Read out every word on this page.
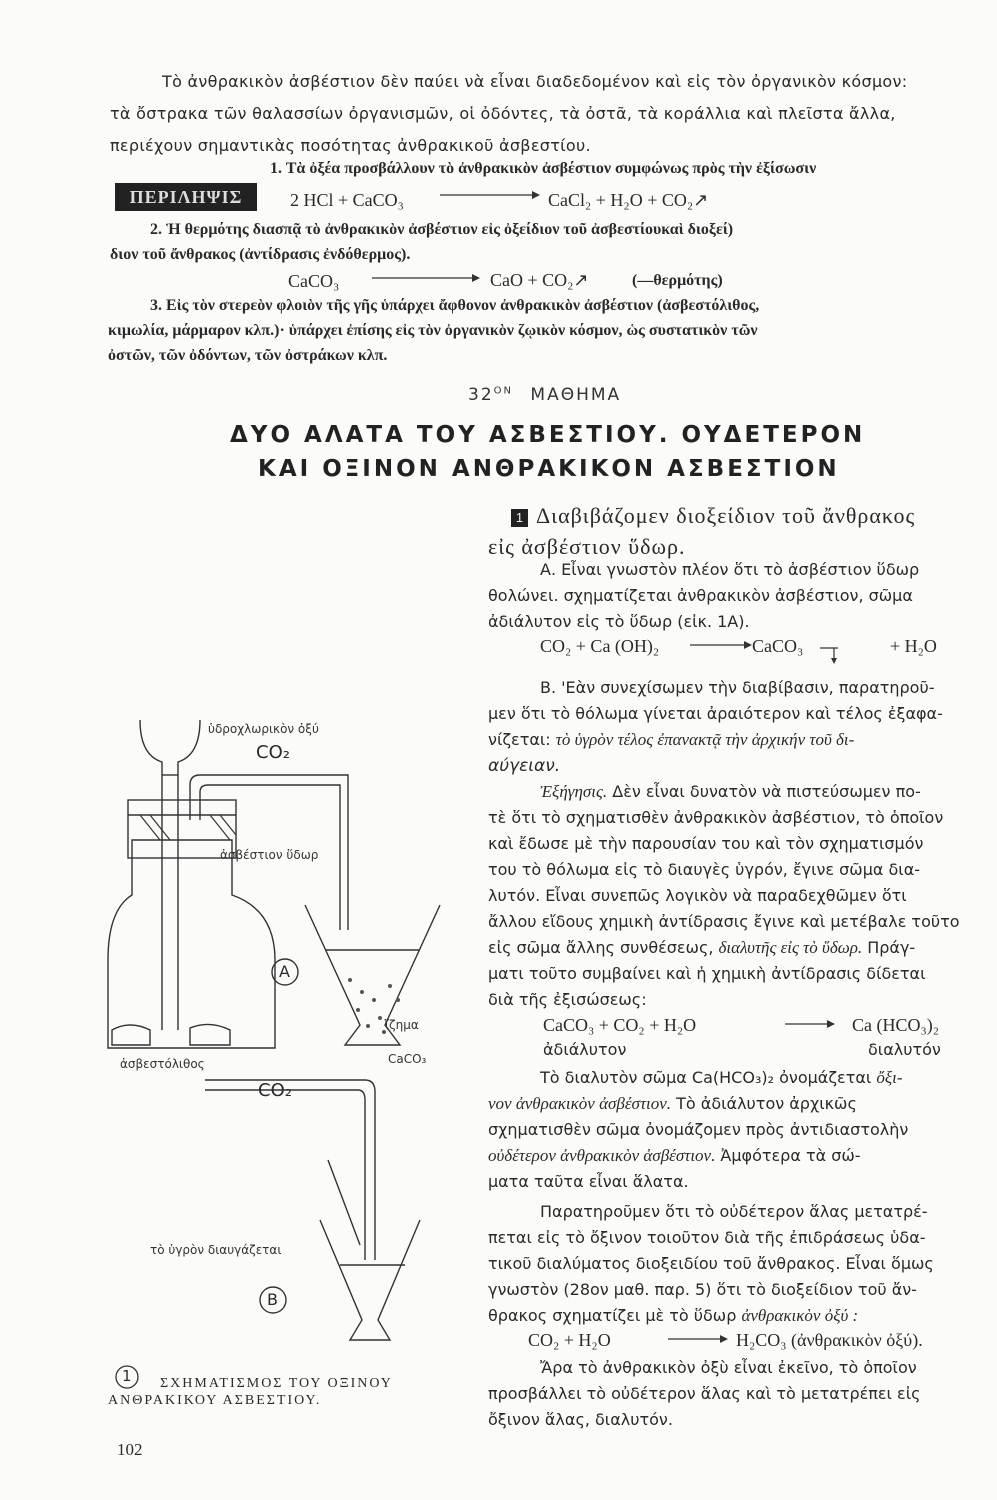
Τὸ ἀνθρακικὸν ἀσβέστιον δὲν παύει νὰ εἶναι διαδεδομένον καὶ εἰς τὸν ὀργανικὸν κόσμον:
τὰ ὄστρακα τῶν θαλασσίων ὀργανισμῶν, οἱ ὀδόντες, τὰ ὀστᾶ, τὰ κοράλλια καὶ πλεῖστα ἄλλα,
περιέχουν σημαντικὰς ποσότητας ἀνθρακικοῦ ἀσβεστίου.
ΠΕΡΙΛΗΨΙΣ
1. Τὰ ὀξέα προσβάλλουν τὸ ἀνθρακικὸν ἀσβέστιον συμφώνως πρὸς τὴν ἐξίσωσιν
2 HCl + CaCO₃	CaCl₂ + H₂O + CO₂↗
2. Ἡ θερμότης διασπᾷ τὸ ἀνθρακικὸν ἀσβέστιον εἰς ὀξείδιον τοῦ ἀσβεστίουκαὶ διοξεί)
διον τοῦ ἄνθρακος (ἀντίδρασις ἐνδόθερμος).
CaCO₃	CaO + CO₂↗	(—θερμότης)
3. Εἰς τὸν στερεὸν φλοιὸν τῆς γῆς ὑπάρχει ἄφθονον ἀνθρακικὸν ἀσβέστιον (ἀσβεστόλιθος,
κιμωλία, μάρμαρον κλπ.)· ὑπάρχει ἐπίσης εἰς τὸν ὀργανικὸν ζῳικὸν κόσμον, ὡς συστατικὸν τῶν
ὀστῶν, τῶν ὀδόντων, τῶν ὀστράκων κλπ.
$32^{ON}$ ΜΑΘΗΜΑ
ΔΥΟ ΑΛΑΤΑ ΤΟΥ ΑΣΒΕΣΤΙΟΥ. ΟΥΔΕΤΕΡΟΝ
ΚΑΙ ΟΞΙΝΟΝ ΑΝΘΡΑΚΙΚΟΝ ΑΣΒΕΣΤΙΟΝ
1 Διαβιβάζομεν διοξείδιον τοῦ ἄνθρακος
εἰς ἀσβέστιον ὕδωρ.
Α. Εἶναι γνωστὸν πλέον ὅτι τὸ ἀσβέστιον ὕδωρ
θολώνει. σχηματίζεται ἀνθρακικὸν ἀσβέστιον, σῶμα
ἀδιάλυτον εἰς τὸ ὕδωρ (εἰκ. 1Α).
CO₂ + Ca (OH)₂	CaCO₃	+ H₂O
Β. 'Εὰν συνεχίσωμεν τὴν διαβίβασιν, παρατηροῦ-
μεν ὅτι τὸ θόλωμα γίνεται ἀραιότερον καὶ τέλος ἐξαφα-
νίζεται: τὸ ὑγρὸν τέλος ἐπανακτᾷ τὴν ἀρχικήν τοῦ δι-
αύγειαν.
Ἐξήγησις. Δὲν εἶναι δυνατὸν νὰ πιστεύσωμεν πο-
τὲ ὅτι τὸ σχηματισθὲν ἀνθρακικὸν ἀσβέστιον, τὸ ὁποῖον
καὶ ἔδωσε μὲ τὴν παρουσίαν του καὶ τὸν σχηματισμόν
του τὸ θόλωμα εἰς τὸ διαυγὲς ὑγρόν, ἔγινε σῶμα δια-
λυτόν. Εἶναι συνεπῶς λογικὸν νὰ παραδεχθῶμεν ὅτι
ἄλλου εἴδους χημικὴ ἀντίδρασις ἔγινε καὶ μετέβαλε τοῦτο
εἰς σῶμα ἄλλης συνθέσεως, διαλυτῆς εἰς τὸ ὕδωρ. Πράγ-
ματι τοῦτο συμβαίνει καὶ ἡ χημικὴ ἀντίδρασις δίδεται
διὰ τῆς ἐξισώσεως:
CaCO₃ + CO₂ + H₂O	Ca (HCO₃)₂
ἀδιάλυτον	διαλυτόν
Τὸ διαλυτὸν σῶμα Ca(HCO₃)₂ ὀνομάζεται ὄξι-
νον ἀνθρακικὸν ἀσβέστιον. Τὸ ἀδιάλυτον ἀρχικῶς
σχηματισθὲν σῶμα ὀνομάζομεν πρὸς ἀντιδιαστολὴν
οὐδέτερον ἀνθρακικὸν ἀσβέστιον. Ἀμφότερα τὰ σώ-
ματα ταῦτα εἶναι ἅλατα.
Παρατηροῦμεν ὅτι τὸ οὐδέτερον ἅλας μετατρέ-
πεται εἰς τὸ ὄξινον τοιοῦτον διὰ τῆς ἐπιδράσεως ὑδα-
τικοῦ διαλύματος διοξειδίου τοῦ ἄνθρακος. Εἶναι ὅμως
γνωστὸν (28ον μαθ. παρ. 5) ὅτι τὸ διοξείδιον τοῦ ἄν-
θρακος σχηματίζει μὲ τὸ ὕδωρ ἀνθρακικὸν ὀξύ :
CO₂ + H₂O	H₂CO₃ (ἀνθρακικὸν ὀξύ).
Ἄρα τὸ ἀνθρακικὸν ὀξὺ εἶναι ἐκεῖνο, τὸ ὁποῖον
προσβάλλει τὸ οὐδέτερον ἅλας καὶ τὸ μετατρέπει εἰς
ὄξινον ἅλας, διαλυτόν.
ὑδροχλωρικὸν ὀξύ
CO₂
ἀσβέστιον ὕδωρ
A
ἵζημα
CaCO₃
ἀσβεστόλιθος
CO₂
τὸ ὑγρὸν διαυγάζεται
B
1 ΣΧΗΜΑΤΙΣΜΟΣ ΤΟΥ ΟΞΙΝΟΥ
ΑΝΘΡΑΚΙΚΟΥ ΑΣΒΕΣΤΙΟΥ.
102
